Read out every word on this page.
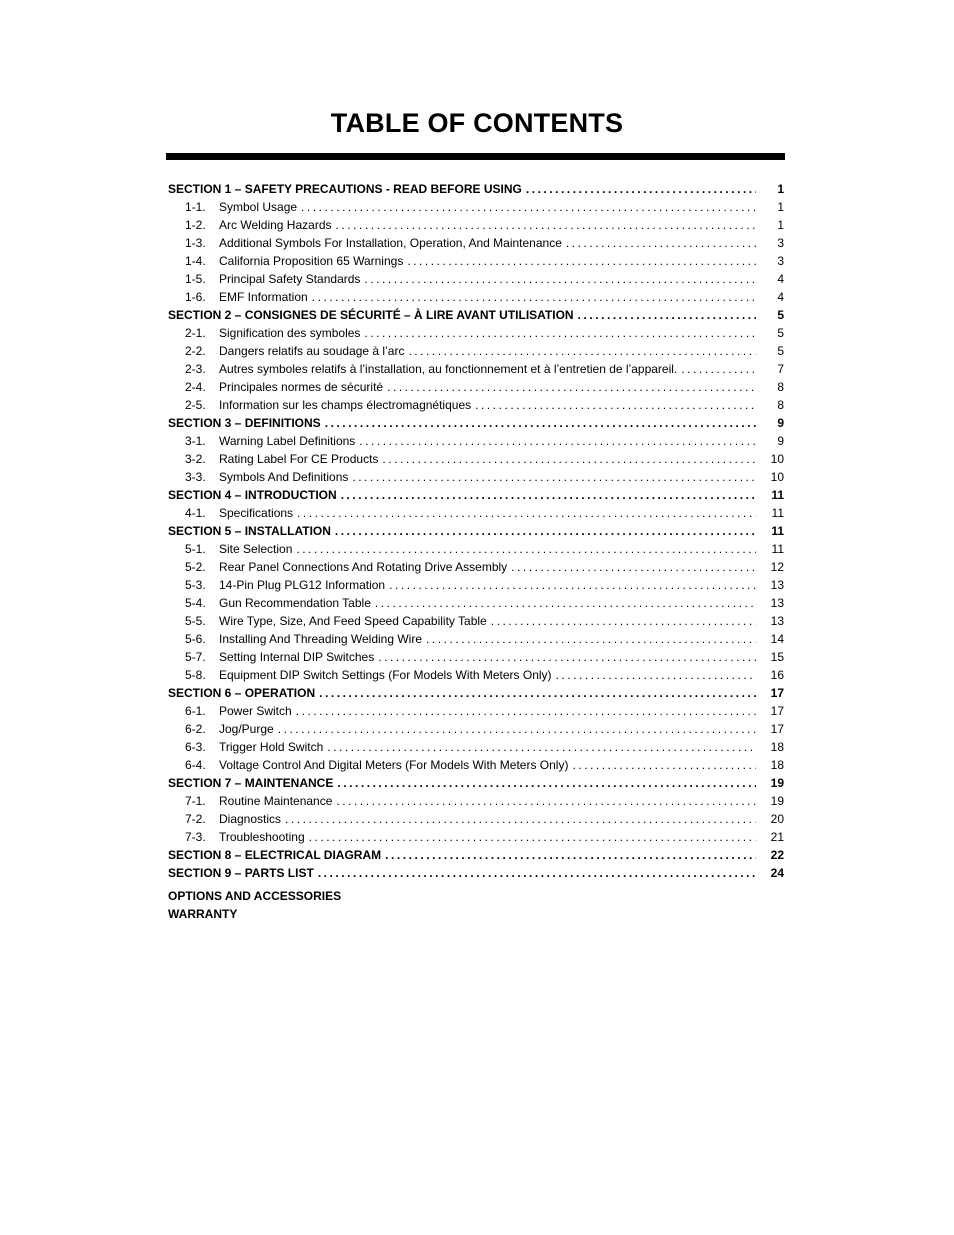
TABLE OF CONTENTS
SECTION 1 – SAFETY PRECAUTIONS - READ BEFORE USING . . .	1
1-1.	Symbol Usage . . .	1
1-2.	Arc Welding Hazards . . .	1
1-3.	Additional Symbols For Installation, Operation, And Maintenance . . .	3
1-4.	California Proposition 65 Warnings . . .	3
1-5.	Principal Safety Standards . . .	4
1-6.	EMF Information . . .	4
SECTION 2 – CONSIGNES DE SÉCURITÉ – À LIRE AVANT UTILISATION . . .	5
2-1.	Signification des symboles . . .	5
2-2.	Dangers relatifs au soudage à l’arc . . .	5
2-3.	Autres symboles relatifs à l’installation, au fonctionnement et à l’entretien de l’appareil. . . .	7
2-4.	Principales normes de sécurité . . .	8
2-5.	Information sur les champs électromagnétiques . . .	8
SECTION 3 – DEFINITIONS . . .	9
3-1.	Warning Label Definitions . . .	9
3-2.	Rating Label For CE Products . . .	10
3-3.	Symbols And Definitions . . .	10
SECTION 4 – INTRODUCTION . . .	11
4-1.	Specifications . . .	11
SECTION 5 – INSTALLATION . . .	11
5-1.	Site Selection . . .	11
5-2.	Rear Panel Connections And Rotating Drive Assembly . . .	12
5-3.	14-Pin Plug PLG12 Information . . .	13
5-4.	Gun Recommendation Table . . .	13
5-5.	Wire Type, Size, And Feed Speed Capability Table . . .	13
5-6.	Installing And Threading Welding Wire . . .	14
5-7.	Setting Internal DIP Switches . . .	15
5-8.	Equipment DIP Switch Settings (For Models With Meters Only) . . .	16
SECTION 6 – OPERATION . . .	17
6-1.	Power Switch . . .	17
6-2.	Jog/Purge . . .	17
6-3.	Trigger Hold Switch . . .	18
6-4.	Voltage Control And Digital Meters (For Models With Meters Only) . . .	18
SECTION 7 – MAINTENANCE . . .	19
7-1.	Routine Maintenance . . .	19
7-2.	Diagnostics . . .	20
7-3.	Troubleshooting . . .	21
SECTION 8 – ELECTRICAL DIAGRAM . . .	22
SECTION 9 – PARTS LIST . . .	24
OPTIONS AND ACCESSORIES
WARRANTY
